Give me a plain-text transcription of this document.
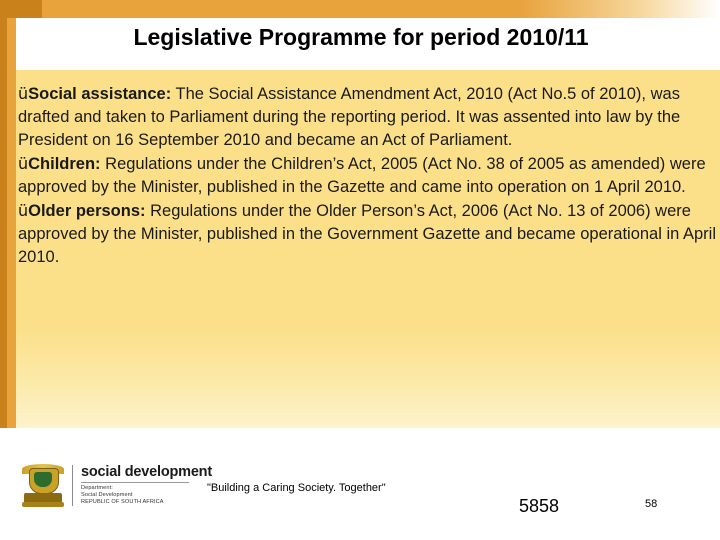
Legislative Programme for period 2010/11

üSocial assistance: The Social Assistance Amendment Act, 2010 (Act No.5 of 2010), was drafted and taken to Parliament during the reporting period. It was assented into law by the President on 16 September 2010 and became an Act of Parliament.

üChildren: Regulations under the Children’s Act, 2005 (Act No. 38 of 2005 as amended) were approved by the Minister, published in the Gazette and came into operation on 1 April 2010.

üOlder persons: Regulations under the Older Person’s Act, 2006 (Act No. 13 of 2006) were approved by the Minister, published in the Government Gazette and became operational in April 2010.

social development
Department:
Social Development
REPUBLIC OF SOUTH AFRICA
"Building a Caring Society. Together"
5858	58
